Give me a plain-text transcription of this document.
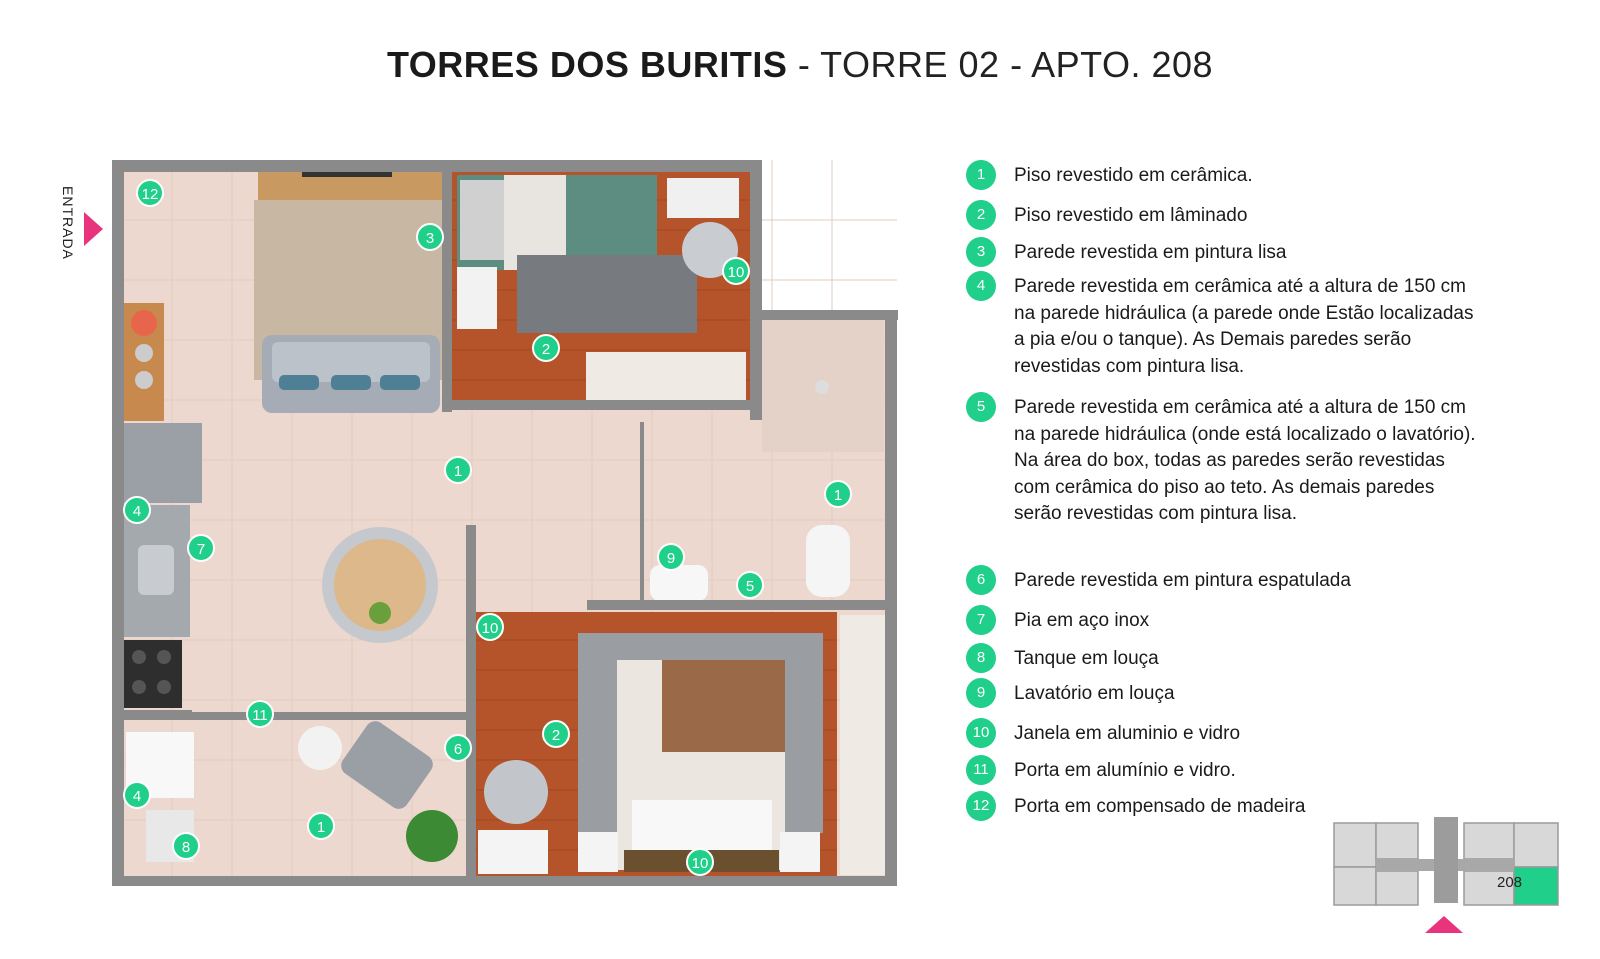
TORRES DOS BURITIS - TORRE 02 - APTO. 208
ENTRADA	12
3
10
2
1
1
4
7
9
5
10
11
6
2
4
1
8
10
1	Piso revestido em cerâmica.
2	Piso revestido em lâminado
3	Parede revestida em pintura lisa
4	Parede revestida em cerâmica até a altura de 150 cm na parede hidráulica (a parede onde Estão localizadas a pia e/ou o tanque). As Demais paredes serão revestidas com pintura lisa.
5	Parede revestida em cerâmica até a altura de 150 cm na parede hidráulica (onde está localizado o lavatório). Na área do box, todas as paredes serão revestidas com cerâmica do piso ao teto. As demais paredes serão revestidas com pintura lisa.
6	Parede revestida em pintura espatulada
7	Pia em aço inox
8	Tanque em louça
9	Lavatório em louça
10	Janela em aluminio e vidro
11	Porta em alumínio e vidro.
12	Porta em compensado de madeira
208
